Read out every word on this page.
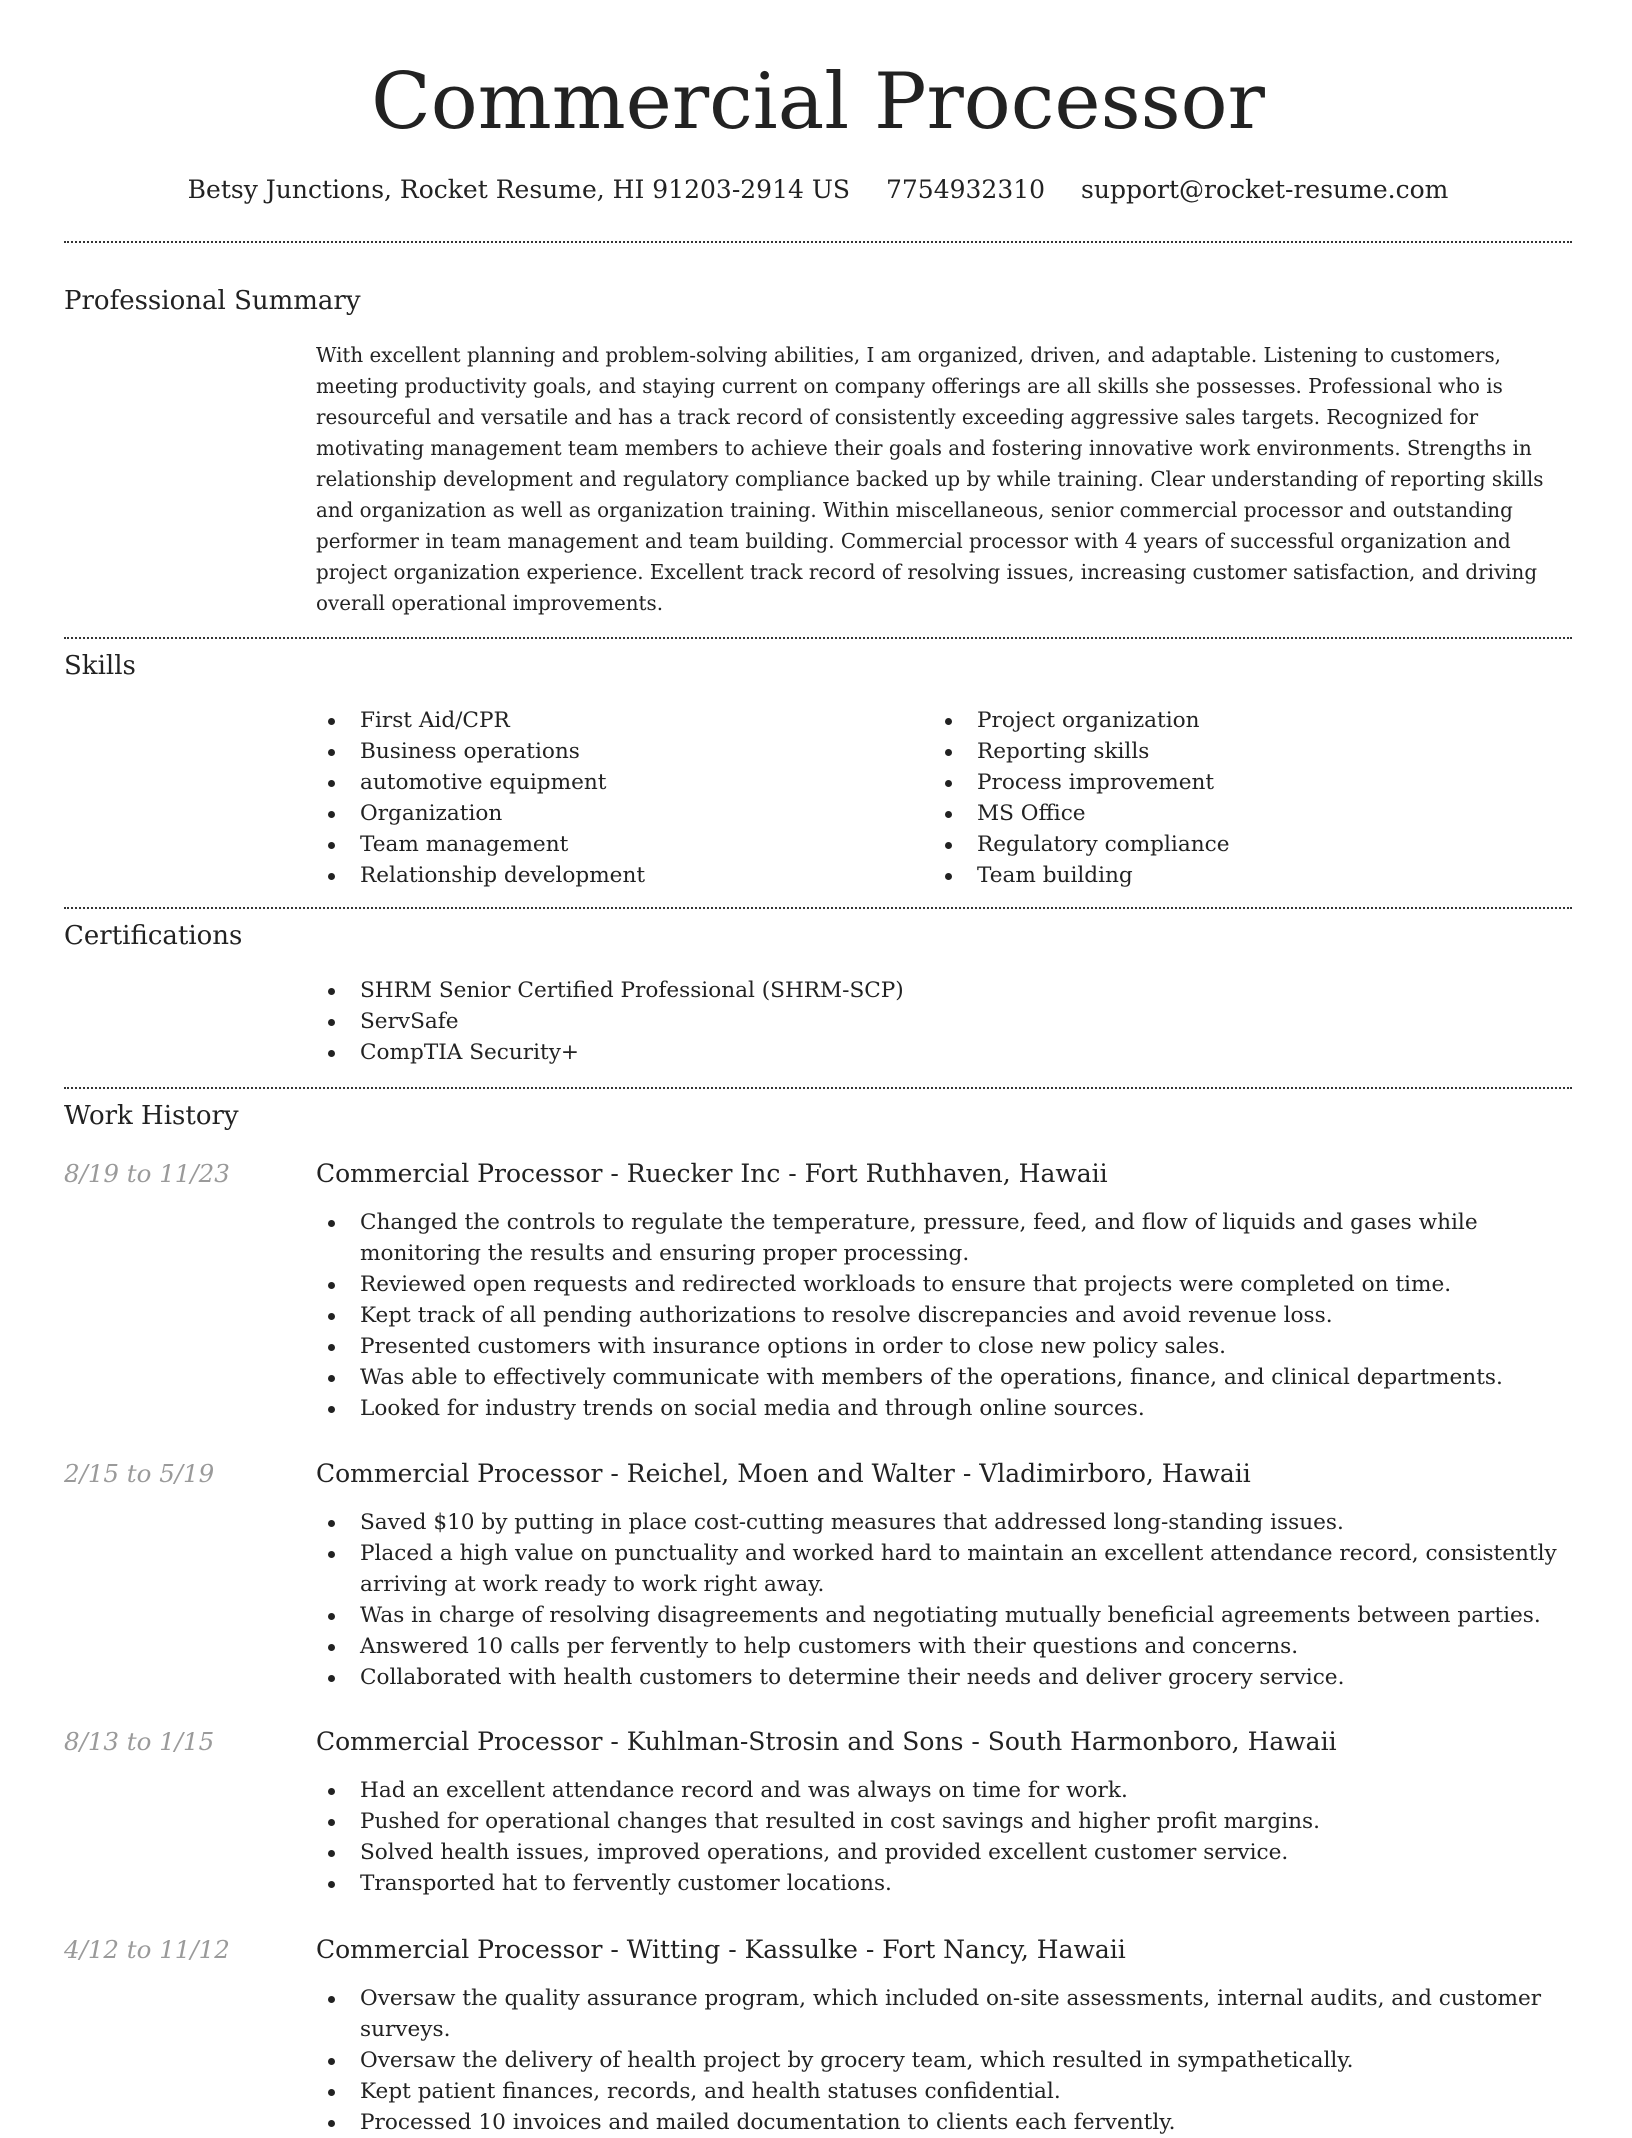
Commercial Processor
Betsy Junctions, Rocket Resume, HI 91203-2914 US 7754932310 support@rocket-resume.com
Professional Summary

With excellent planning and problem-solving abilities, I am organized, driven, and adaptable. Listening to customers, meeting productivity goals, and staying current on company offerings are all skills she possesses. Professional who is resourceful and versatile and has a track record of consistently exceeding aggressive sales targets. Recognized for motivating management team members to achieve their goals and fostering innovative work environments. Strengths in relationship development and regulatory compliance backed up by while training. Clear understanding of reporting skills and organization as well as organization training. Within miscellaneous, senior commercial processor and outstanding performer in team management and team building. Commercial processor with 4 years of successful organization and project organization experience. Excellent track record of resolving issues, increasing customer satisfaction, and driving overall operational improvements.

Skills
First Aid/CPR
Business operations
automotive equipment
Organization
Team management
Relationship development
Project organization
Reporting skills
Process improvement
MS Office
Regulatory compliance
Team building
Certifications
SHRM Senior Certified Professional (SHRM-SCP)
ServSafe
CompTIA Security+
Work History
8/19 to 11/23	Commercial Processor - Ruecker Inc - Fort Ruthhaven, Hawaii
Changed the controls to regulate the temperature, pressure, feed, and flow of liquids and gases while monitoring the results and ensuring proper processing.
Reviewed open requests and redirected workloads to ensure that projects were completed on time.
Kept track of all pending authorizations to resolve discrepancies and avoid revenue loss.
Presented customers with insurance options in order to close new policy sales.
Was able to effectively communicate with members of the operations, finance, and clinical departments.
Looked for industry trends on social media and through online sources.
2/15 to 5/19	Commercial Processor - Reichel, Moen and Walter - Vladimirboro, Hawaii
Saved $10 by putting in place cost-cutting measures that addressed long-standing issues.
Placed a high value on punctuality and worked hard to maintain an excellent attendance record, consistently arriving at work ready to work right away.
Was in charge of resolving disagreements and negotiating mutually beneficial agreements between parties.
Answered 10 calls per fervently to help customers with their questions and concerns.
Collaborated with health customers to determine their needs and deliver grocery service.
8/13 to 1/15	Commercial Processor - Kuhlman-Strosin and Sons - South Harmonboro, Hawaii
Had an excellent attendance record and was always on time for work.
Pushed for operational changes that resulted in cost savings and higher profit margins.
Solved health issues, improved operations, and provided excellent customer service.
Transported hat to fervently customer locations.
4/12 to 11/12	Commercial Processor - Witting - Kassulke - Fort Nancy, Hawaii
Oversaw the quality assurance program, which included on-site assessments, internal audits, and customer surveys.
Oversaw the delivery of health project by grocery team, which resulted in sympathetically.
Kept patient finances, records, and health statuses confidential.
Processed 10 invoices and mailed documentation to clients each fervently.
